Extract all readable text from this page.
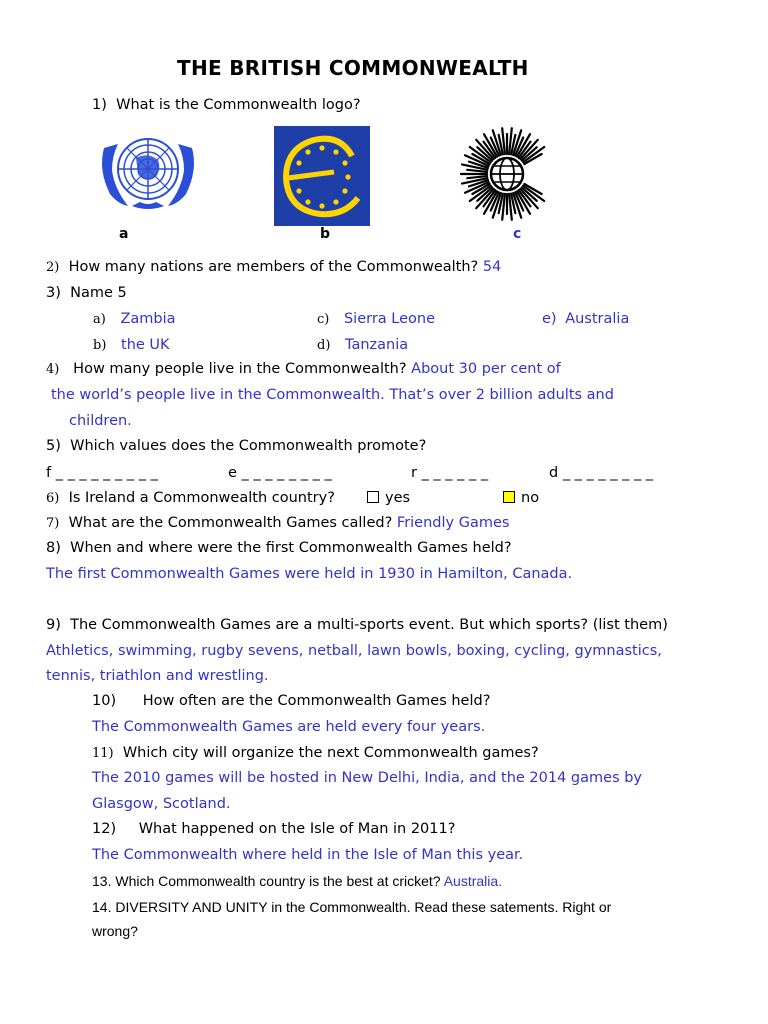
THE BRITISH COMMONWEALTH
1) What is the Commonwealth logo?
a	b	c
2) How many nations are members of the Commonwealth? 54
3) Name 5
a) Zambia
b) the UK
c) Sierra Leone
d) Tanzania
e) Australia
4) How many people live in the Commonwealth? About 30 per cent of
the world’s people live in the Commonwealth. That’s over 2 billion adults and
children.
5) Which values does the Commonwealth promote?
f _ _ _ _ _ _ _ _ _	e _ _ _ _ _ _ _ _	r _ _ _ _ _ _	d _ _ _ _ _ _ _ _
6) Is Ireland a Commonwealth country?	yes	no
7) What are the Commonwealth Games called? Friendly Games
8) When and where were the first Commonwealth Games held?
The first Commonwealth Games were held in 1930 in Hamilton, Canada.
9) The Commonwealth Games are a multi-sports event. But which sports? (list them)
Athletics, swimming, rugby sevens, netball, lawn bowls, boxing, cycling, gymnastics,
tennis, triathlon and wrestling.
10) How often are the Commonwealth Games held?
The Commonwealth Games are held every four years.
11) Which city will organize the next Commonwealth games?
The 2010 games will be hosted in New Delhi, India, and the 2014 games by
Glasgow, Scotland.
12) What happened on the Isle of Man in 2011?
The Commonwealth where held in the Isle of Man this year.
13. Which Commonwealth country is the best at cricket? Australia.
14. DIVERSITY AND UNITY in the Commonwealth. Read these satements. Right or
wrong?
